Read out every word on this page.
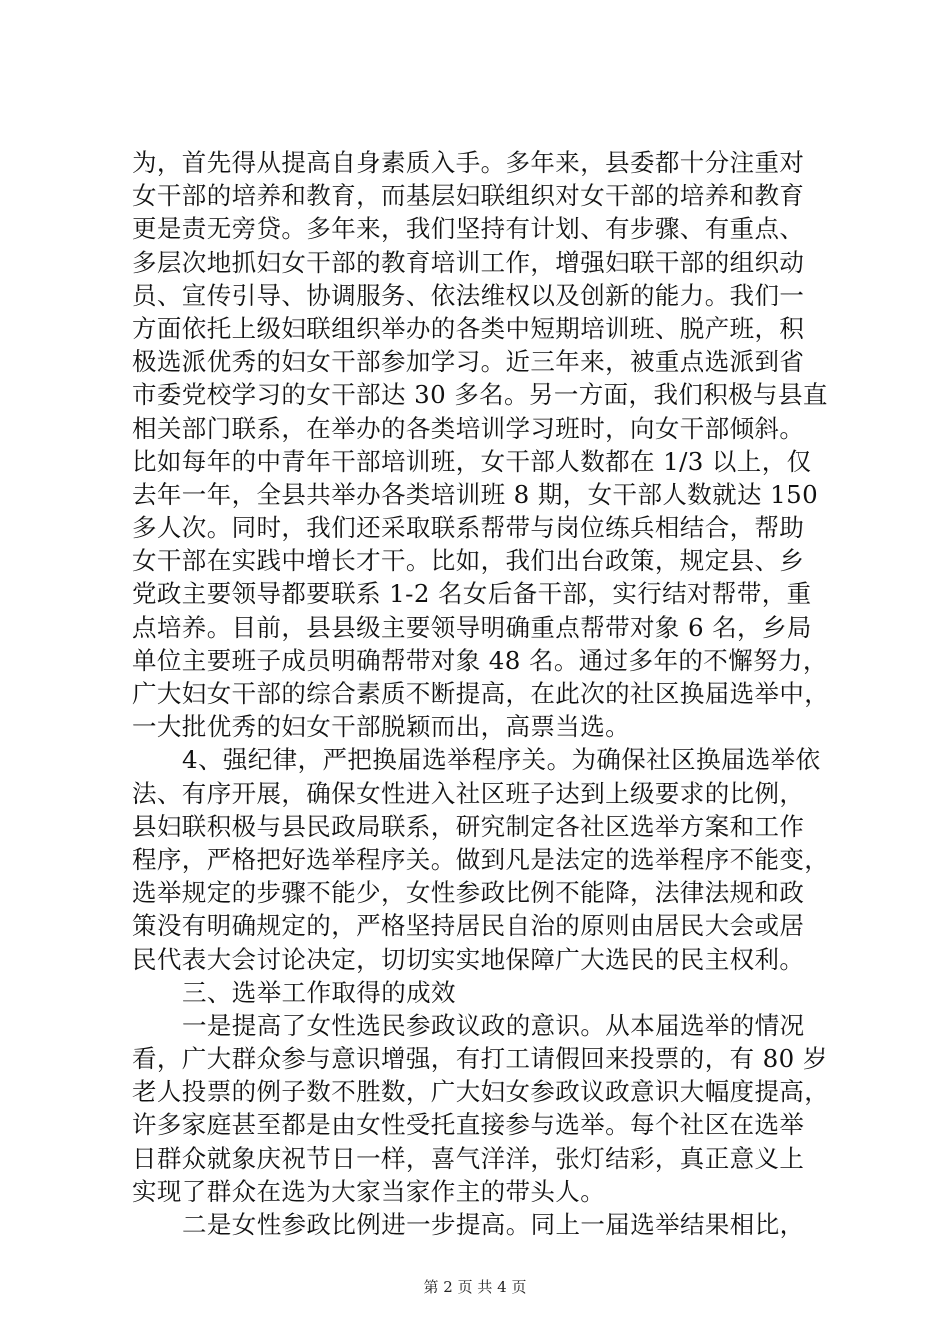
为，首先得从提高自身素质入手。多年来，县委都十分注重对
女干部的培养和教育，而基层妇联组织对女干部的培养和教育
更是责无旁贷。多年来，我们坚持有计划、有步骤、有重点、
多层次地抓妇女干部的教育培训工作，增强妇联干部的组织动
员、宣传引导、协调服务、依法维权以及创新的能力。我们一
方面依托上级妇联组织举办的各类中短期培训班、脱产班，积
极选派优秀的妇女干部参加学习。近三年来，被重点选派到省
市委党校学习的女干部达 30 多名。另一方面，我们积极与县直
相关部门联系，在举办的各类培训学习班时，向女干部倾斜。
比如每年的中青年干部培训班，女干部人数都在 1/3 以上，仅
去年一年，全县共举办各类培训班 8 期，女干部人数就达 150
多人次。同时，我们还采取联系帮带与岗位练兵相结合，帮助
女干部在实践中增长才干。比如，我们出台政策，规定县、乡
党政主要领导都要联系 1-2 名女后备干部，实行结对帮带，重
点培养。目前，县县级主要领导明确重点帮带对象 6 名，乡局
单位主要班子成员明确帮带对象 48 名。通过多年的不懈努力，
广大妇女干部的综合素质不断提高，在此次的社区换届选举中，
一大批优秀的妇女干部脱颖而出，高票当选。
4、强纪律，严把换届选举程序关。为确保社区换届选举依
法、有序开展，确保女性进入社区班子达到上级要求的比例，
县妇联积极与县民政局联系，研究制定各社区选举方案和工作
程序，严格把好选举程序关。做到凡是法定的选举程序不能变，
选举规定的步骤不能少，女性参政比例不能降，法律法规和政
策没有明确规定的，严格坚持居民自治的原则由居民大会或居
民代表大会讨论决定，切切实实地保障广大选民的民主权利。
三、选举工作取得的成效
一是提高了女性选民参政议政的意识。从本届选举的情况
看，广大群众参与意识增强，有打工请假回来投票的，有 80 岁
老人投票的例子数不胜数，广大妇女参政议政意识大幅度提高，
许多家庭甚至都是由女性受托直接参与选举。每个社区在选举
日群众就象庆祝节日一样，喜气洋洋，张灯结彩，真正意义上
实现了群众在选为大家当家作主的带头人。
二是女性参政比例进一步提高。同上一届选举结果相比，
第 2 页 共 4 页
